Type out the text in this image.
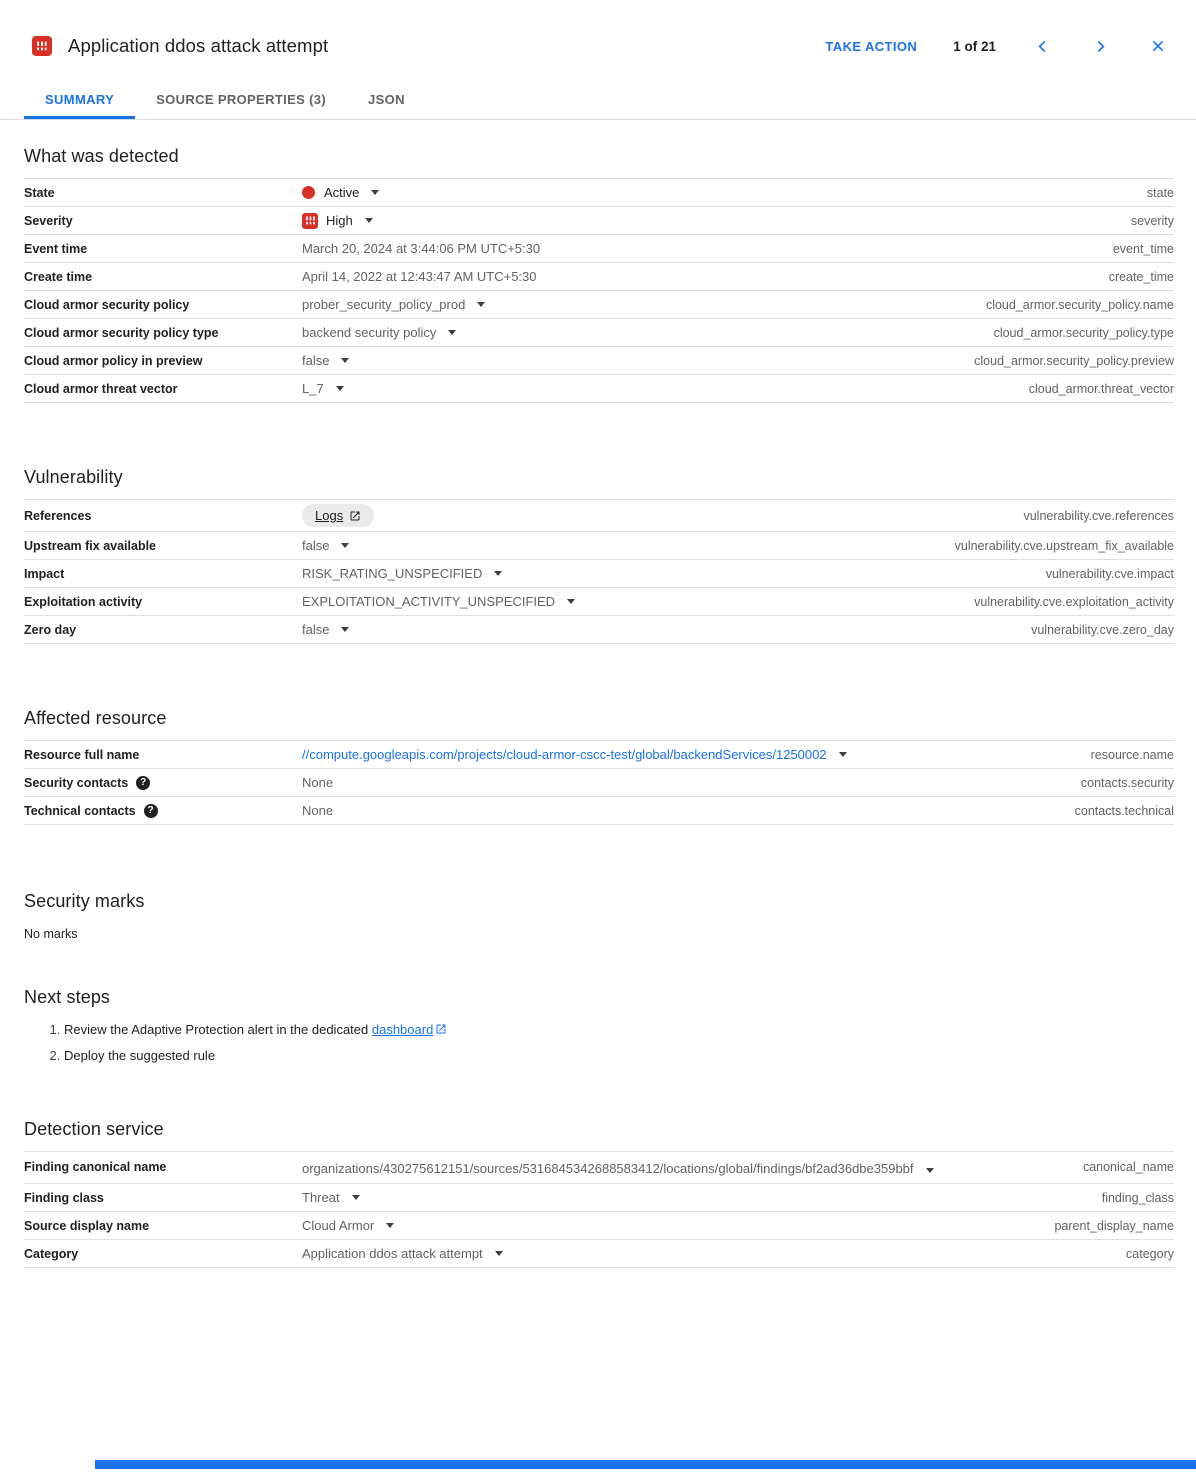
Application ddos attack attempt	TAKE ACTION	1 of 21
SUMMARY	SOURCE PROPERTIES (3)	JSON
What was detected
State	Active	state
Severity	High	severity
Event time	March 20, 2024 at 3:44:06 PM UTC+5:30	event_time
Create time	April 14, 2022 at 12:43:47 AM UTC+5:30	create_time
Cloud armor security policy	prober_security_policy_prod	cloud_armor.security_policy.name
Cloud armor security policy type	backend security policy	cloud_armor.security_policy.type
Cloud armor policy in preview	false	cloud_armor.security_policy.preview
Cloud armor threat vector	L_7	cloud_armor.threat_vector
Vulnerability
References	Logs	vulnerability.cve.references
Upstream fix available	false	vulnerability.cve.upstream_fix_available
Impact	RISK_RATING_UNSPECIFIED	vulnerability.cve.impact
Exploitation activity	EXPLOITATION_ACTIVITY_UNSPECIFIED	vulnerability.cve.exploitation_activity
Zero day	false	vulnerability.cve.zero_day
Affected resource
Resource full name	//compute.googleapis.com/projects/cloud-armor-cscc-test/global/backendServices/1250002	resource.name
Security contacts	?	None	contacts.security
Technical contacts	?	None	contacts.technical
Security marks
No marks
Next steps
1. Review the Adaptive Protection alert in the dedicated dashboard
2. Deploy the suggested rule
Detection service
Finding canonical name	organizations/430275612151/sources/5316845342688583412/locations/global/findings/bf2ad36dbe359bbf	canonical_name
Finding class	Threat	finding_class
Source display name	Cloud Armor	parent_display_name
Category	Application ddos attack attempt	category
